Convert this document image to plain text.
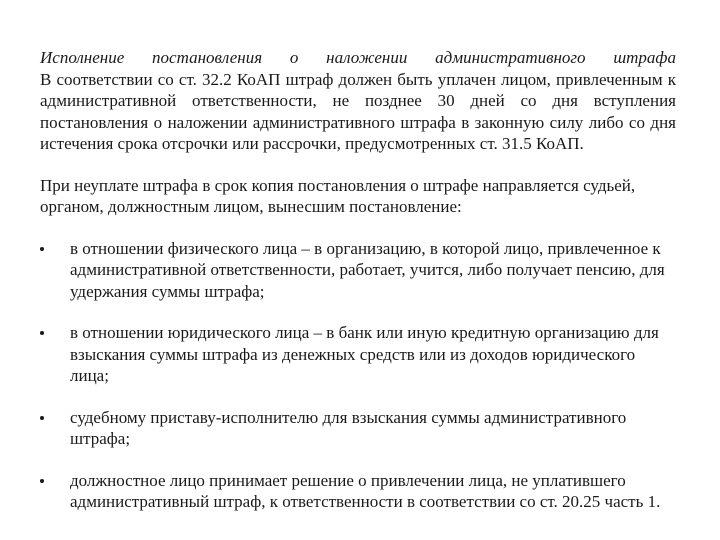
Исполнение постановления о наложении административного штрафа

В соответствии со ст. 32.2 КоАП штраф должен быть уплачен лицом, привлеченным к административной ответственности, не позднее 30 дней со дня вступления постановления о наложении административного штрафа в законную силу либо со дня истечения срока отсрочки или рассрочки, предусмотренных ст. 31.5 КоАП.

При неуплате штрафа в срок копия постановления о штрафе направляется судьей, органом, должностным лицом, вынесшим постановление:

в отношении физического лица – в организацию, в которой лицо, привлеченное к административной ответственности, работает, учится, либо получает пенсию, для удержания суммы штрафа;
в отношении юридического лица – в банк или иную кредитную организацию для взыскания суммы штрафа из денежных средств или из доходов юридического лица;
судебному приставу-исполнителю для взыскания суммы административного штрафа;
должностное лицо принимает решение о привлечении лица, не уплатившего административный штраф, к ответственности в соответствии со ст. 20.25 часть 1.
